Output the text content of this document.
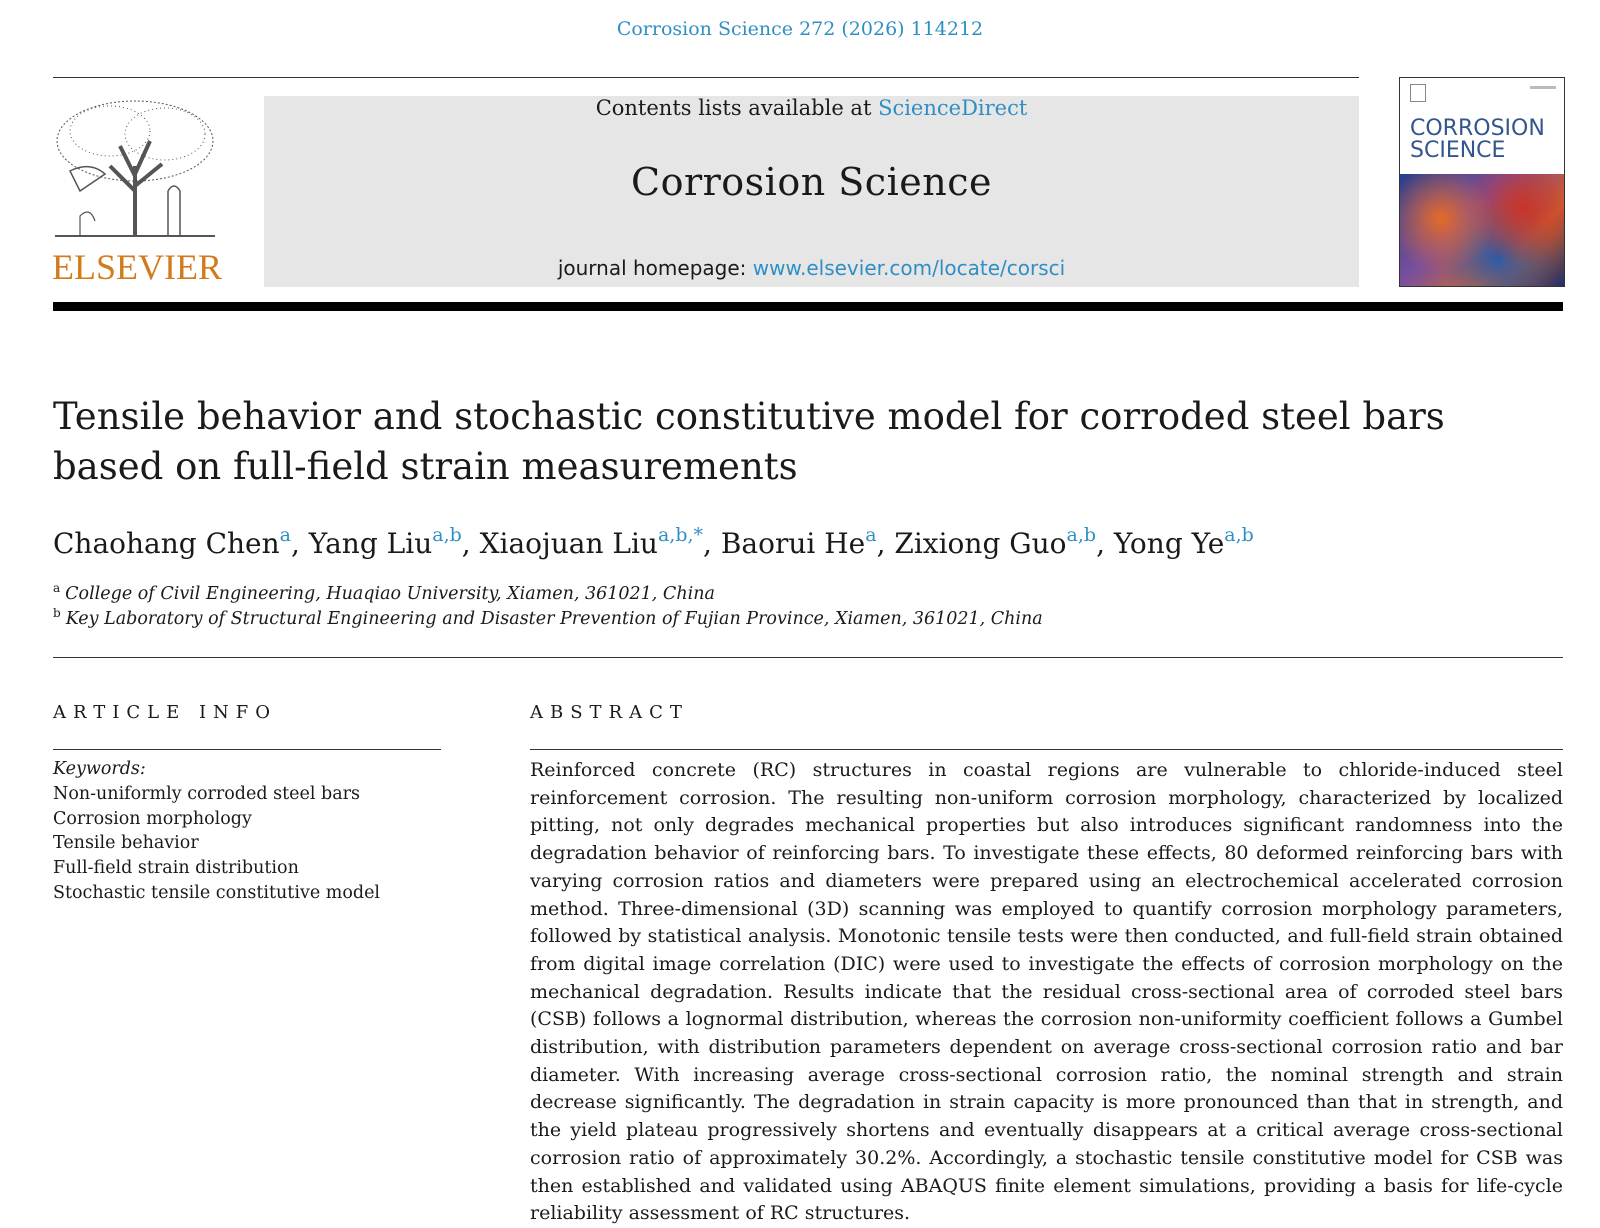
Corrosion Science 272 (2026) 114212
ELSEVIER
Contents lists available at ScienceDirect
Corrosion Science
journal homepage: www.elsevier.com/locate/corsci
CORROSION
SCIENCE
Tensile behavior and stochastic constitutive model for corroded steel bars
based on full-field strain measurements
Chaohang Chen$^a$, Yang Liu$^{a,b}$, Xiaojuan Liu$^{a,b,*}$, Baorui He$^a$, Zixiong Guo$^{a,b}$, Yong Ye$^{a,b}$
$^a$ College of Civil Engineering, Huaqiao University, Xiamen, 361021, China
$^b$ Key Laboratory of Structural Engineering and Disaster Prevention of Fujian Province, Xiamen, 361021, China
ARTICLE INFO	ABSTRACT
Keywords:
Non-uniformly corroded steel bars
Corrosion morphology
Tensile behavior
Full-field strain distribution
Stochastic tensile constitutive model
Reinforced concrete (RC) structures in coastal regions are vulnerable to chloride-induced steel reinforcement corrosion. The resulting non-uniform corrosion morphology, characterized by localized pitting, not only degrades mechanical properties but also introduces significant randomness into the degradation behavior of reinforcing bars. To investigate these effects, 80 deformed reinforcing bars with varying corrosion ratios and diameters were prepared using an electrochemical accelerated corrosion method. Three-dimensional (3D) scanning was employed to quantify corrosion morphology parameters, followed by statistical analysis. Monotonic tensile tests were then conducted, and full-field strain obtained from digital image correlation (DIC) were used to investigate the effects of corrosion morphology on the mechanical degradation. Results indicate that the residual cross-sectional area of corroded steel bars (CSB) follows a lognormal distribution, whereas the corrosion non-uniformity coefficient follows a Gumbel distribution, with distribution parameters dependent on average cross-sectional corrosion ratio and bar diameter. With increasing average cross-sectional corrosion ratio, the nominal strength and strain decrease significantly. The degradation in strain capacity is more pronounced than that in strength, and the yield plateau progressively shortens and eventually disappears at a critical average cross-sectional corrosion ratio of approximately 30.2%. Accordingly, a stochastic tensile constitutive model for CSB was then established and validated using ABAQUS finite element simulations, providing a basis for life-cycle reliability assessment of RC structures.
